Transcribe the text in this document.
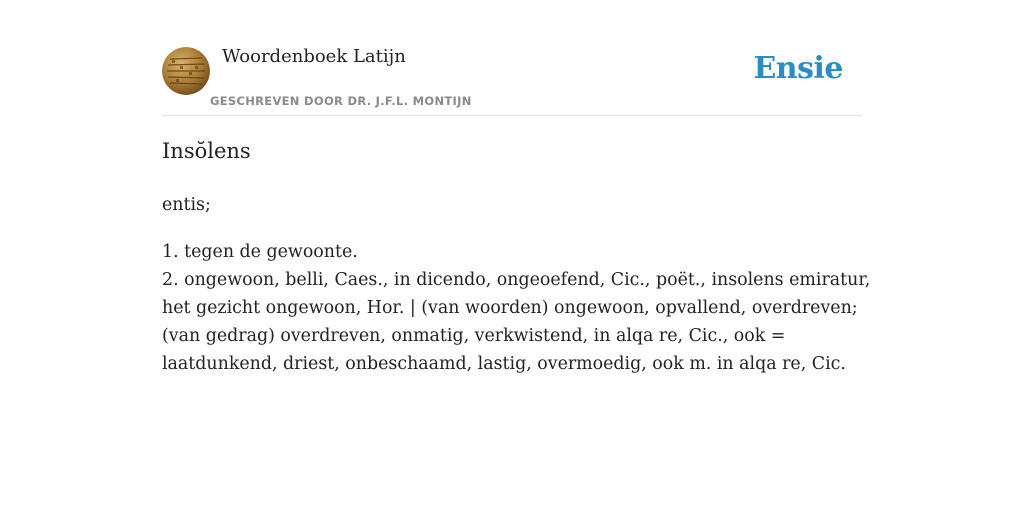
Woordenboek Latijn
GESCHREVEN DOOR DR. J.F.L. MONTIJN
Ensie
Insŏlens

entis;

1. tegen de gewoonte.

2. ongewoon, belli, Caes., in dicendo, ongeoefend, Cic., poët., insolens emiratur, het gezicht ongewoon, Hor. | (van woorden) ongewoon, opvallend, overdreven; (van gedrag) overdreven, onmatig, verkwistend, in alqa re, Cic., ook = laatdunkend, driest, onbeschaamd, lastig, overmoedig, ook m. in alqa re, Cic.
